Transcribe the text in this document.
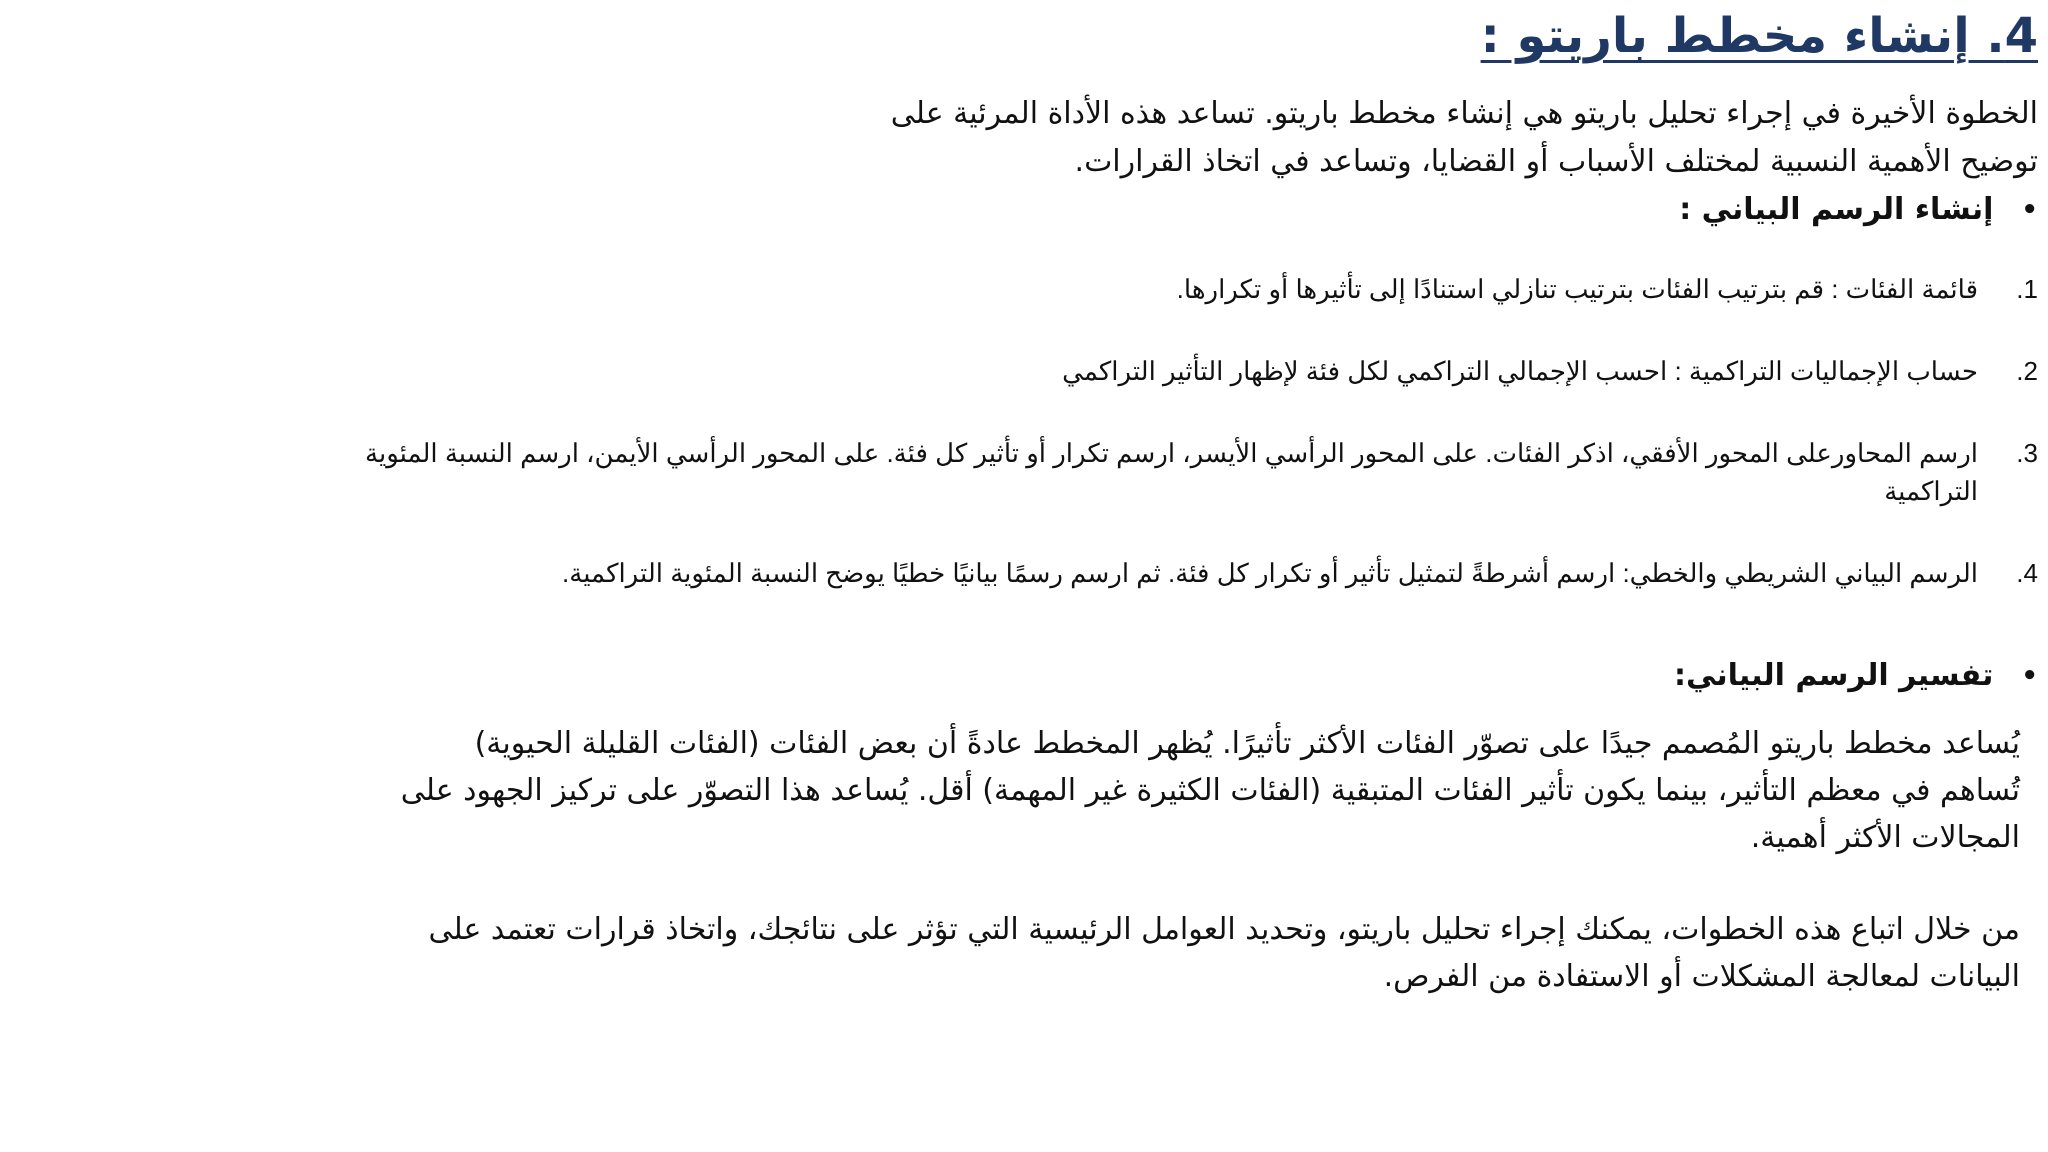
4. إنشاء مخطط باريتو :

الخطوة الأخيرة في إجراء تحليل باريتو هي إنشاء مخطط باريتو. تساعد هذه الأداة المرئية على توضيح الأهمية النسبية لمختلف الأسباب أو القضايا، وتساعد في اتخاذ القرارات.

•
إنشاء الرسم البياني :
1.
قائمة الفئات : قم بترتيب الفئات بترتيب تنازلي استنادًا إلى تأثيرها أو تكرارها.
2.
حساب الإجماليات التراكمية : احسب الإجمالي التراكمي لكل فئة لإظهار التأثير التراكمي
3.
ارسم المحاورعلى المحور الأفقي، اذكر الفئات. على المحور الرأسي الأيسر، ارسم تكرار أو تأثير كل فئة. على المحور الرأسي الأيمن، ارسم النسبة المئوية التراكمية
4.
الرسم البياني الشريطي والخطي: ارسم أشرطةً لتمثيل تأثير أو تكرار كل فئة. ثم ارسم رسمًا بيانيًا خطيًا يوضح النسبة المئوية التراكمية.
•
تفسير الرسم البياني:

يُساعد مخطط باريتو المُصمم جيدًا على تصوّر الفئات الأكثر تأثيرًا. يُظهر المخطط عادةً أن بعض الفئات (الفئات القليلة الحيوية) تُساهم في معظم التأثير، بينما يكون تأثير الفئات المتبقية (الفئات الكثيرة غير المهمة) أقل. يُساعد هذا التصوّر على تركيز الجهود على المجالات الأكثر أهمية.

من خلال اتباع هذه الخطوات، يمكنك إجراء تحليل باريتو، وتحديد العوامل الرئيسية التي تؤثر على نتائجك، واتخاذ قرارات تعتمد على البيانات لمعالجة المشكلات أو الاستفادة من الفرص.
